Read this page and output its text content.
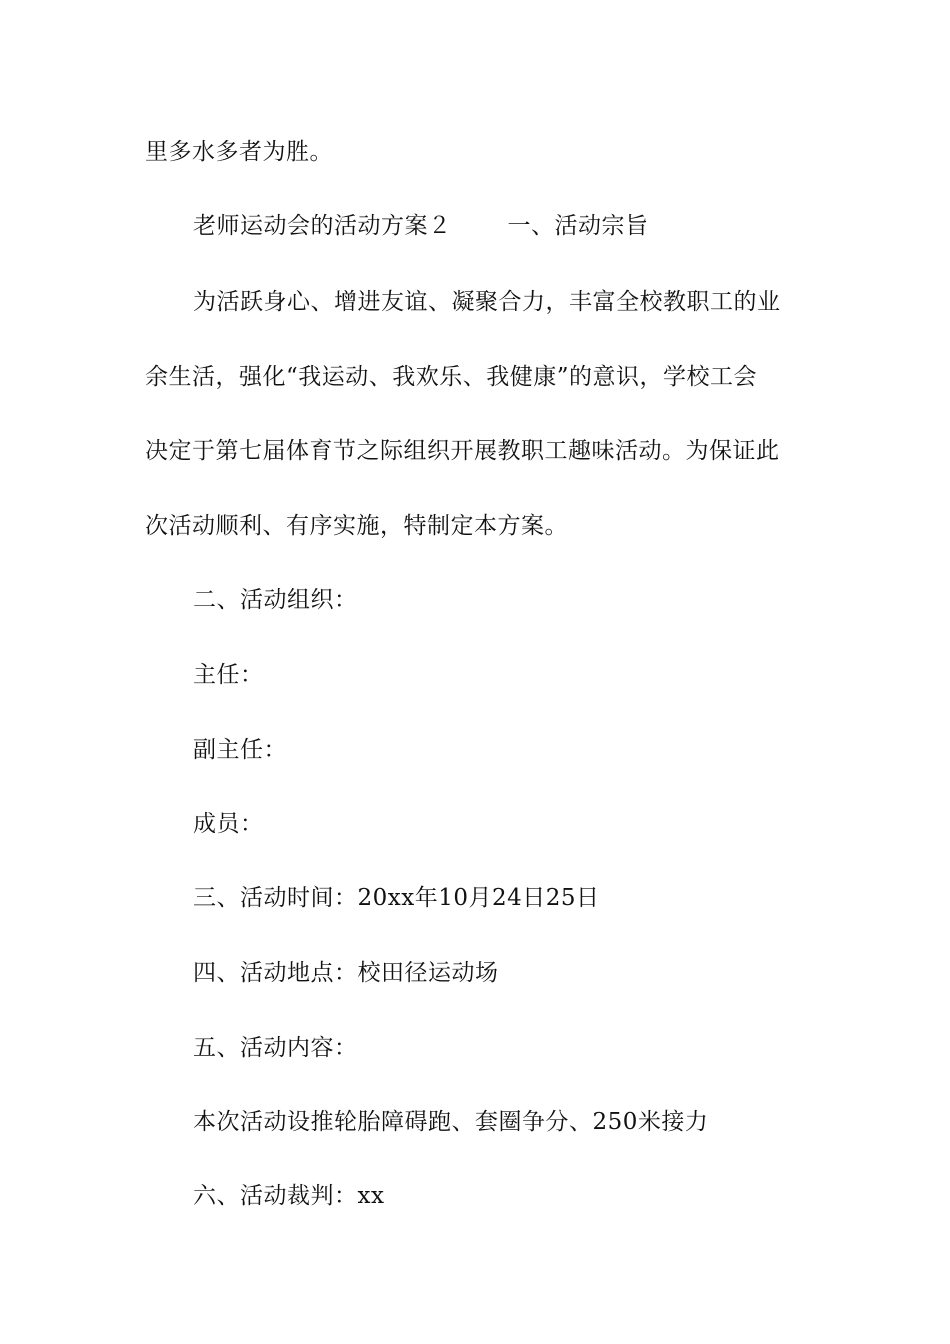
里多水多者为胜。
老师运动会的活动方案２ 一、活动宗旨
为活跃身心、增进友谊、凝聚合力，丰富全校教职工的业
余生活，强化“我运动、我欢乐、我健康”的意识，学校工会
决定于第七届体育节之际组织开展教职工趣味活动。为保证此
次活动顺利、有序实施，特制定本方案。
二、活动组织：
主任：
副主任：
成员：
三、活动时间：20xx年10月24日25日
四、活动地点：校田径运动场
五、活动内容：
本次活动设推轮胎障碍跑、套圈争分、250米接力
六、活动裁判：xx
